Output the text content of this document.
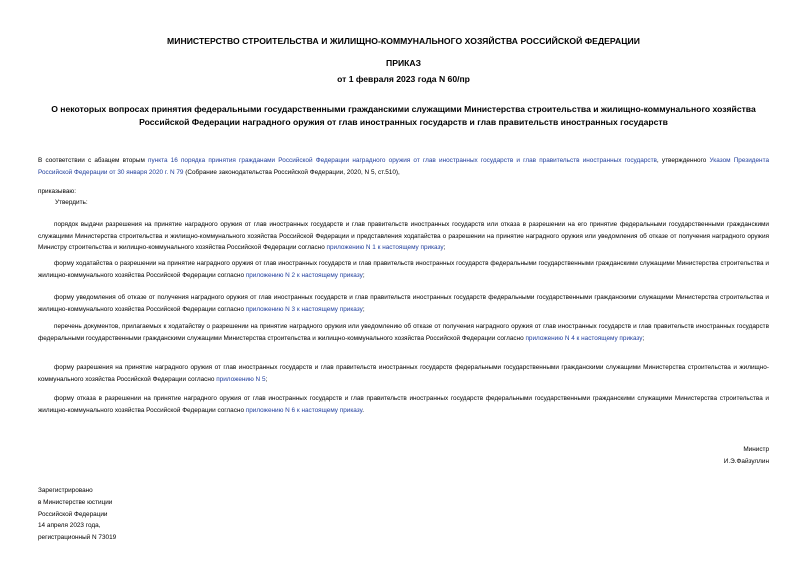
МИНИСТЕРСТВО СТРОИТЕЛЬСТВА И ЖИЛИЩНО-КОММУНАЛЬНОГО ХОЗЯЙСТВА РОССИЙСКОЙ ФЕДЕРАЦИИ
ПРИКАЗ
от 1 февраля 2023 года N 60/пр
О некоторых вопросах принятия федеральными государственными гражданскими служащими Министерства строительства и жилищно-коммунального хозяйства Российской Федерации наградного оружия от глав иностранных государств и глав правительств иностранных государств
В соответствии с абзацем вторым пункта 16 порядка принятия гражданами Российской Федерации наградного оружия от глав иностранных государств и глав правительств иностранных государств, утвержденного Указом Президента Российской Федерации от 30 января 2020 г. N 79 (Собрание законодательства Российской Федерации, 2020, N 5, ст.510),
приказываю:
Утвердить:
порядок выдачи разрешения на принятие наградного оружия от глав иностранных государств и глав правительств иностранных государств или отказа в разрешении на его принятие федеральными государственными гражданскими служащими Министерства строительства и жилищно-коммунального хозяйства Российской Федерации и представления ходатайства о разрешении на принятие наградного оружия или уведомления об отказе от получения наградного оружия Министру строительства и жилищно-коммунального хозяйства Российской Федерации согласно приложению N 1 к настоящему приказу;
форму ходатайства о разрешении на принятие наградного оружия от глав иностранных государств и глав правительств иностранных государств федеральными государственными гражданскими служащими Министерства строительства и жилищно-коммунального хозяйства Российской Федерации согласно приложению N 2 к настоящему приказу;
форму уведомления об отказе от получения наградного оружия от глав иностранных государств и глав правительств иностранных государств федеральными государственными гражданскими служащими Министерства строительства и жилищно-коммунального хозяйства Российской Федерации согласно приложению N 3 к настоящему приказу;
перечень документов, прилагаемых к ходатайству о разрешении на принятие наградного оружия или уведомлению об отказе от получения наградного оружия от глав иностранных государств и глав правительств иностранных государств федеральными государственными гражданскими служащими Министерства строительства и жилищно-коммунального хозяйства Российской Федерации согласно приложению N 4 к настоящему приказу;
форму разрешения на принятие наградного оружия от глав иностранных государств и глав правительств иностранных государств федеральными государственными гражданскими служащими Министерства строительства и жилищно-коммунального хозяйства Российской Федерации согласно приложению N 5;
форму отказа в разрешении на принятие наградного оружия от глав иностранных государств и глав правительств иностранных государств федеральными государственными гражданскими служащими Министерства строительства и жилищно-коммунального хозяйства Российской Федерации согласно приложению N 6 к настоящему приказу.
Министр
И.Э.Файзуллин
Зарегистрировано
в Министерстве юстиции
Российской Федерации
14 апреля 2023 года,
регистрационный N 73019
